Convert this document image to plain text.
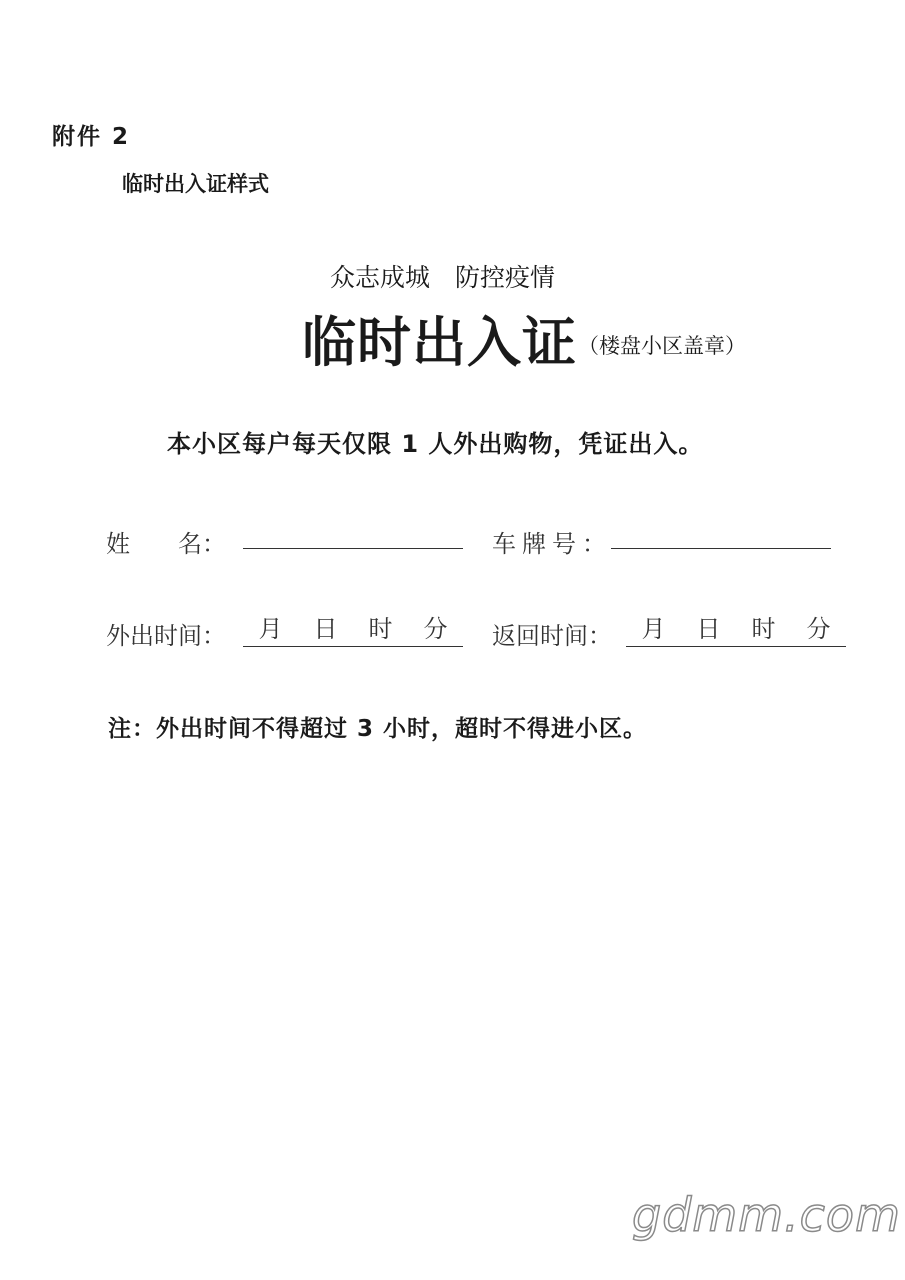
附件 2
临时出入证样式
众志成城　防控疫情
临时出入证 （楼盘小区盖章）
本小区每户每天仅限 1 人外出购物，凭证出入。
姓　　名：	车牌号：
外出时间： 月 日 时 分 返回时间： 月 日 时 分
注：外出时间不得超过 3 小时，超时不得进小区。
gdmm.com
